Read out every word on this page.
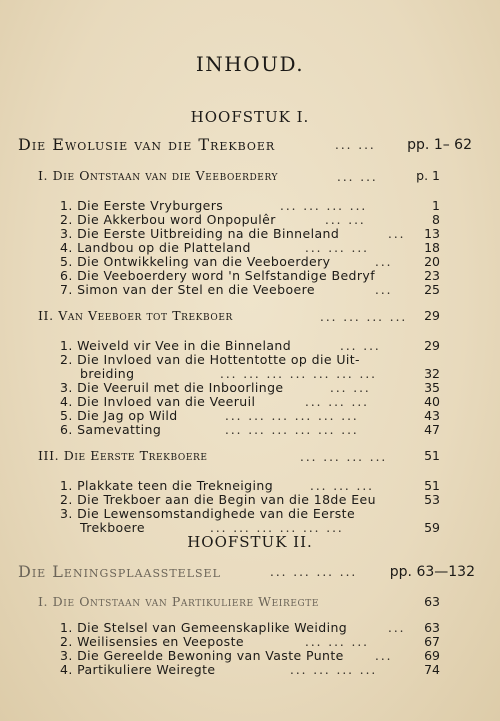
INHOUD.
HOOFSTUK I.
Die Ewolusie van die Trekboer	... ...	pp. 1– 62
I. Die Ontstaan van die Veeboerdery	... ...	p. 1
1. Die Eerste Vryburgers	... ... ... ...	1
2. Die Akkerbou word Onpopulêr	... ...	8
3. Die Eerste Uitbreiding na die Binneland	...	13
4. Landbou op die Platteland	... ... ...	18
5. Die Ontwikkeling van die Veeboerdery	...	20
6. Die Veeboerdery word 'n Selfstandige Bedryf	23
7. Simon van der Stel en die Veeboere	...	25
II. Van Veeboer tot Trekboer	... ... ... ...	29
1. Weiveld vir Vee in die Binneland	... ...	29
2. Die Invloed van die Hottentotte op die Uit-
breiding	... ... ... ... ... ... ...	32
3. Die Veeruil met die Inboorlinge	... ...	35
4. Die Invloed van die Veeruil	... ... ...	40
5. Die Jag op Wild	... ... ... ... ... ...	43
6. Samevatting	... ... ... ... ... ...	47
III. Die Eerste Trekboere	... ... ... ...	51
1. Plakkate teen die Trekneiging	... ... ...	51
2. Die Trekboer aan die Begin van die 18de Eeu	53
3. Die Lewensomstandighede van die Eerste
Trekboere	... ... ... ... ... ...	59
HOOFSTUK II.
Die Leningsplaasstelsel	... ... ... ...	pp. 63—132
I. Die Ontstaan van Partikuliere Weiregte	63
1. Die Stelsel van Gemeenskaplike Weiding	...	63
2. Weilisensies en Veeposte	... ... ...	67
3. Die Gereelde Bewoning van Vaste Punte	...	69
4. Partikuliere Weiregte	... ... ... ...	74
